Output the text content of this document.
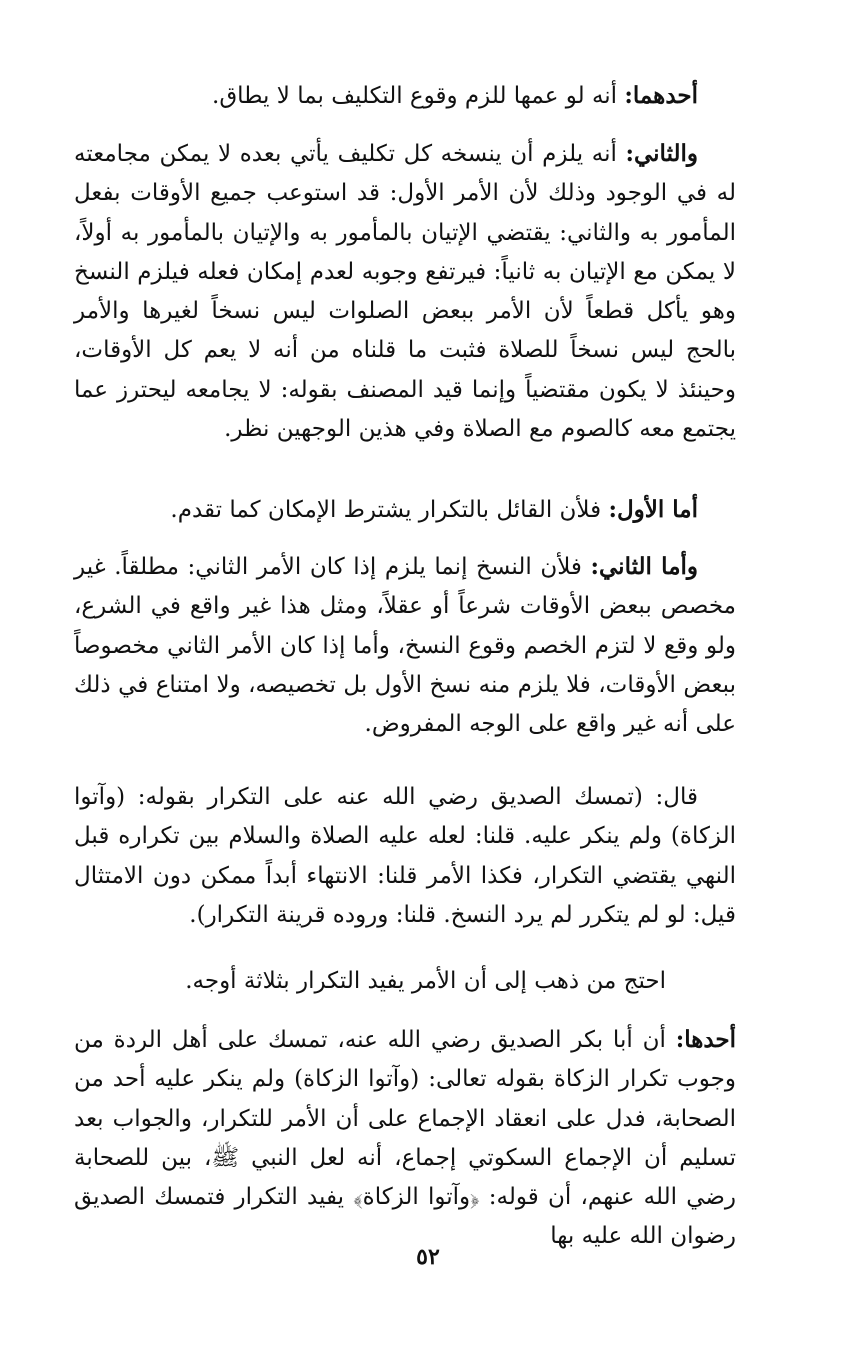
أحدهما: أنه لو عمها للزم وقوع التكليف بما لا يطاق.
والثاني: أنه يلزم أن ينسخه كل تكليف يأتي بعده لا يمكن مجامعته له في الوجود وذلك لأن الأمر الأول: قد استوعب جميع الأوقات بفعل المأمور به والثاني: يقتضي الإتيان بالمأمور به والإتيان بالمأمور به أولاً، لا يمكن مع الإتيان به ثانياً: فيرتفع وجوبه لعدم إمكان فعله فيلزم النسخ وهو يأكل قطعاً لأن الأمر ببعض الصلوات ليس نسخاً لغيرها والأمر بالحج ليس نسخاً للصلاة فثبت ما قلناه من أنه لا يعم كل الأوقات، وحينئذ لا يكون مقتضياً وإنما قيد المصنف بقوله: لا يجامعه ليحترز عما يجتمع معه كالصوم مع الصلاة وفي هذين الوجهين نظر.
أما الأول: فلأن القائل بالتكرار يشترط الإمكان كما تقدم.
وأما الثاني: فلأن النسخ إنما يلزم إذا كان الأمر الثاني: مطلقاً. غير مخصص ببعض الأوقات شرعاً أو عقلاً، ومثل هذا غير واقع في الشرع، ولو وقع لا لتزم الخصم وقوع النسخ، وأما إذا كان الأمر الثاني مخصوصاً ببعض الأوقات، فلا يلزم منه نسخ الأول بل تخصيصه، ولا امتناع في ذلك على أنه غير واقع على الوجه المفروض.
قال: (تمسك الصديق رضي الله عنه على التكرار بقوله: (وآتوا الزكاة) ولم ينكر عليه. قلنا: لعله عليه الصلاة والسلام بين تكراره قبل النهي يقتضي التكرار، فكذا الأمر قلنا: الانتهاء أبداً ممكن دون الامتثال قيل: لو لم يتكرر لم يرد النسخ. قلنا: وروده قرينة التكرار).
احتج من ذهب إلى أن الأمر يفيد التكرار بثلاثة أوجه.
أحدها: أن أبا بكر الصديق رضي الله عنه، تمسك على أهل الردة من وجوب تكرار الزكاة بقوله تعالى: (وآتوا الزكاة) ولم ينكر عليه أحد من الصحابة، فدل على انعقاد الإجماع على أن الأمر للتكرار، والجواب بعد تسليم أن الإجماع السكوتي إجماع، أنه لعل النبي ﷺ، بين للصحابة رضي الله عنهم، أن قوله: ﴿وآتوا الزكاة﴾ يفيد التكرار فتمسك الصديق رضوان الله عليه بها
٥٢
